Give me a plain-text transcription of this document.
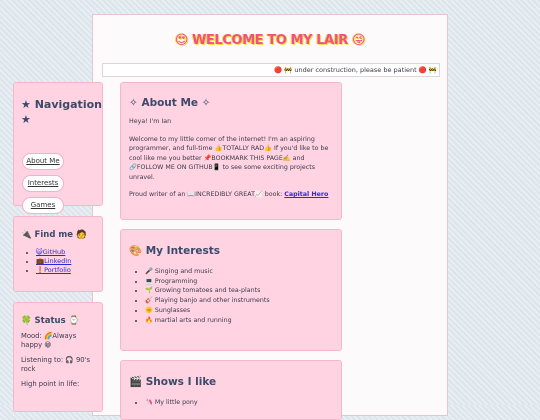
😍 WELCOME TO MY LAIR 😜
🔴 🚧 under construction, please be patient 🔴 🚧
★ Navigation ★
About Me
Interests
Games
🔌 Find me 🧑
• 😺GitHub
• 💼LinkedIn
• ❗Portfolio
🍀 Status ⌚

Mood: 🌈Always happy 😁

Listening to: 🎧 90's rock

High point in life:

✧ About Me ✧

Heya! I'm Ian

Welcome to my little corner of the internet! I'm an aspiring programmer, and full-time 👍TOTALLY RAD👍 If you'd like to be cool like me you better 📌BOOKMARK THIS PAGE✍️ and 🔗FOLLOW ME ON GITHUB📱 to see some exciting projects unravel.

Proud writer of an 📖INCREDIBLY GREAT📈 book: Capital Hero

🎨 My Interests
• 🎤 Singing and music
• 💻 Programming
• 🌱 Growing tomatoes and tea-plants
• 🎸 Playing banjo and other instruments
• 🌞 Sunglasses
• 🔥 martial arts and running
🎬 Shows I like
• 🦄 My little pony
